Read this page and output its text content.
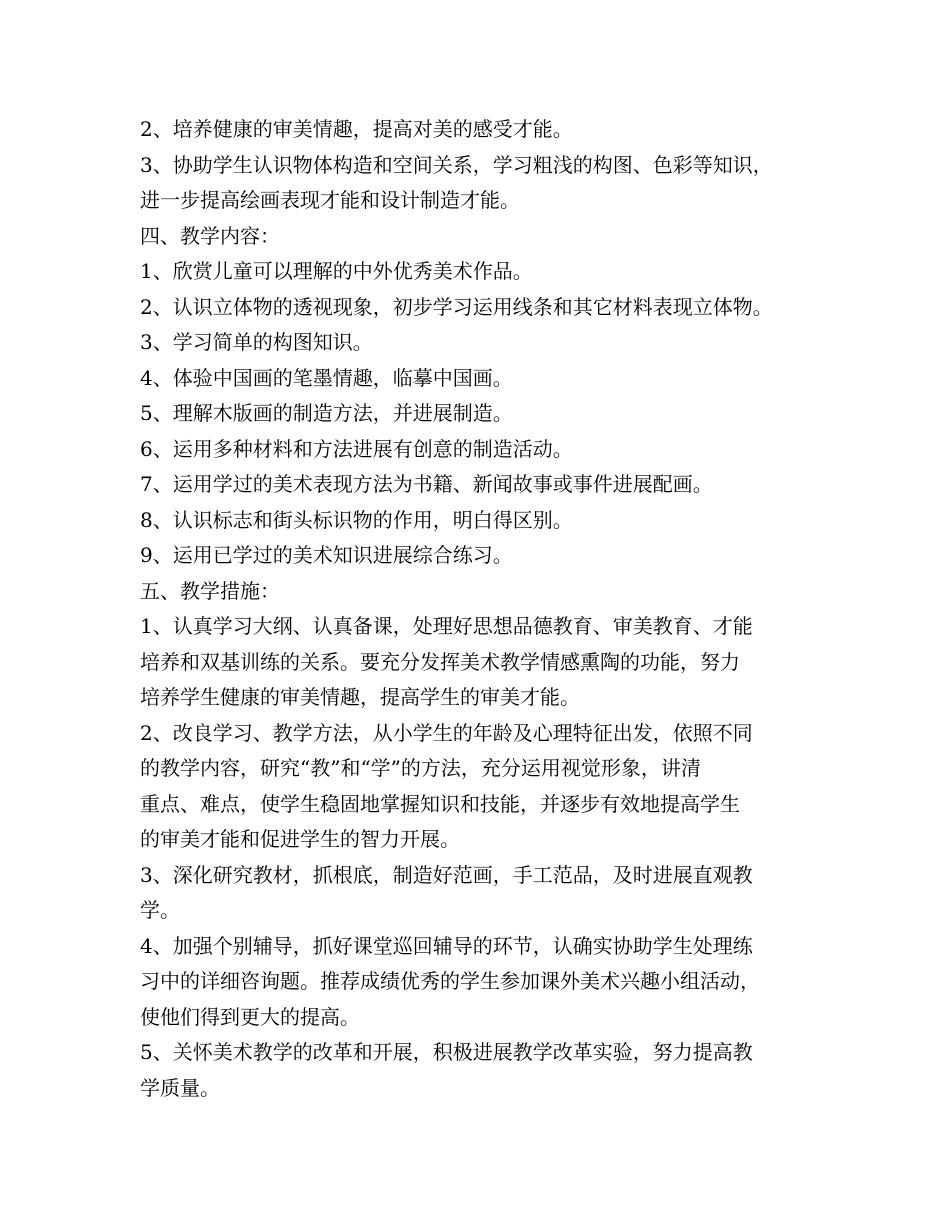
2、培养健康的审美情趣，提高对美的感受才能。
3、协助学生认识物体构造和空间关系，学习粗浅的构图、色彩等知识，
进一步提高绘画表现才能和设计制造才能。
四、教学内容：
1、欣赏儿童可以理解的中外优秀美术作品。
2、认识立体物的透视现象，初步学习运用线条和其它材料表现立体物。
3、学习简单的构图知识。
4、体验中国画的笔墨情趣，临摹中国画。
5、理解木版画的制造方法，并进展制造。
6、运用多种材料和方法进展有创意的制造活动。
7、运用学过的美术表现方法为书籍、新闻故事或事件进展配画。
8、认识标志和街头标识物的作用，明白得区别。
9、运用已学过的美术知识进展综合练习。
五、教学措施：
1、认真学习大纲、认真备课，处理好思想品德教育、审美教育、才能
培养和双基训练的关系。要充分发挥美术教学情感熏陶的功能，努力
培养学生健康的审美情趣，提高学生的审美才能。
2、改良学习、教学方法，从小学生的年龄及心理特征出发，依照不同
的教学内容，研究“教”和“学”的方法，充分运用视觉形象，讲清
重点、难点，使学生稳固地掌握知识和技能，并逐步有效地提高学生
的审美才能和促进学生的智力开展。
3、深化研究教材，抓根底，制造好范画，手工范品，及时进展直观教
学。
4、加强个别辅导，抓好课堂巡回辅导的环节，认确实协助学生处理练
习中的详细咨询题。推荐成绩优秀的学生参加课外美术兴趣小组活动，
使他们得到更大的提高。
5、关怀美术教学的改革和开展，积极进展教学改革实验，努力提高教
学质量。
